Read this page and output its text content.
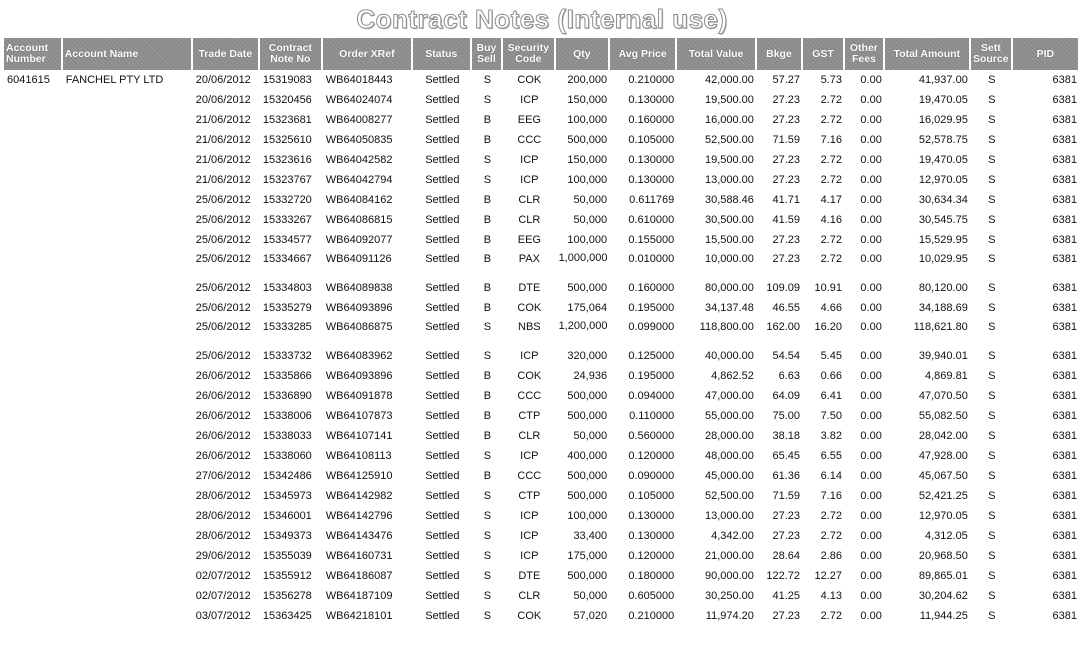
Contract Notes (Internal use)
Account Number	Account Name	Trade Date	Contract Note No	Order XRef	Status	Buy Sell	Security Code	Qty	Avg Price	Total Value	Bkge	GST	Other Fees	Total Amount	Sett Source	PID
6041615	FANCHEL PTY LTD	20/06/2012	15319083	WB64018443	Settled	S	COK	200,000	0.210000	42,000.00	57.27	5.73	0.00	41,937.00	S	6381
		20/06/2012	15320456	WB64024074	Settled	S	ICP	150,000	0.130000	19,500.00	27.23	2.72	0.00	19,470.05	S	6381
		21/06/2012	15323681	WB64008277	Settled	B	EEG	100,000	0.160000	16,000.00	27.23	2.72	0.00	16,029.95	S	6381
		21/06/2012	15325610	WB64050835	Settled	B	CCC	500,000	0.105000	52,500.00	71.59	7.16	0.00	52,578.75	S	6381
		21/06/2012	15323616	WB64042582	Settled	S	ICP	150,000	0.130000	19,500.00	27.23	2.72	0.00	19,470.05	S	6381
		21/06/2012	15323767	WB64042794	Settled	S	ICP	100,000	0.130000	13,000.00	27.23	2.72	0.00	12,970.05	S	6381
		25/06/2012	15332720	WB64084162	Settled	B	CLR	50,000	0.611769	30,588.46	41.71	4.17	0.00	30,634.34	S	6381
		25/06/2012	15333267	WB64086815	Settled	B	CLR	50,000	0.610000	30,500.00	41.59	4.16	0.00	30,545.75	S	6381
		25/06/2012	15334577	WB64092077	Settled	B	EEG	100,000	0.155000	15,500.00	27.23	2.72	0.00	15,529.95	S	6381
		25/06/2012	15334667	WB64091126	Settled	B	PAX	1,000,000	0.010000	10,000.00	27.23	2.72	0.00	10,029.95	S	6381
		25/06/2012	15334803	WB64089838	Settled	B	DTE	500,000	0.160000	80,000.00	109.09	10.91	0.00	80,120.00	S	6381
		25/06/2012	15335279	WB64093896	Settled	B	COK	175,064	0.195000	34,137.48	46.55	4.66	0.00	34,188.69	S	6381
		25/06/2012	15333285	WB64086875	Settled	S	NBS	1,200,000	0.099000	118,800.00	162.00	16.20	0.00	118,621.80	S	6381
		25/06/2012	15333732	WB64083962	Settled	S	ICP	320,000	0.125000	40,000.00	54.54	5.45	0.00	39,940.01	S	6381
		26/06/2012	15335866	WB64093896	Settled	B	COK	24,936	0.195000	4,862.52	6.63	0.66	0.00	4,869.81	S	6381
		26/06/2012	15336890	WB64091878	Settled	B	CCC	500,000	0.094000	47,000.00	64.09	6.41	0.00	47,070.50	S	6381
		26/06/2012	15338006	WB64107873	Settled	B	CTP	500,000	0.110000	55,000.00	75.00	7.50	0.00	55,082.50	S	6381
		26/06/2012	15338033	WB64107141	Settled	B	CLR	50,000	0.560000	28,000.00	38.18	3.82	0.00	28,042.00	S	6381
		26/06/2012	15338060	WB64108113	Settled	S	ICP	400,000	0.120000	48,000.00	65.45	6.55	0.00	47,928.00	S	6381
		27/06/2012	15342486	WB64125910	Settled	B	CCC	500,000	0.090000	45,000.00	61.36	6.14	0.00	45,067.50	S	6381
		28/06/2012	15345973	WB64142982	Settled	S	CTP	500,000	0.105000	52,500.00	71.59	7.16	0.00	52,421.25	S	6381
		28/06/2012	15346001	WB64142796	Settled	S	ICP	100,000	0.130000	13,000.00	27.23	2.72	0.00	12,970.05	S	6381
		28/06/2012	15349373	WB64143476	Settled	S	ICP	33,400	0.130000	4,342.00	27.23	2.72	0.00	4,312.05	S	6381
		29/06/2012	15355039	WB64160731	Settled	S	ICP	175,000	0.120000	21,000.00	28.64	2.86	0.00	20,968.50	S	6381
		02/07/2012	15355912	WB64186087	Settled	S	DTE	500,000	0.180000	90,000.00	122.72	12.27	0.00	89,865.01	S	6381
		02/07/2012	15356278	WB64187109	Settled	S	CLR	50,000	0.605000	30,250.00	41.25	4.13	0.00	30,204.62	S	6381
		03/07/2012	15363425	WB64218101	Settled	S	COK	57,020	0.210000	11,974.20	27.23	2.72	0.00	11,944.25	S	6381
